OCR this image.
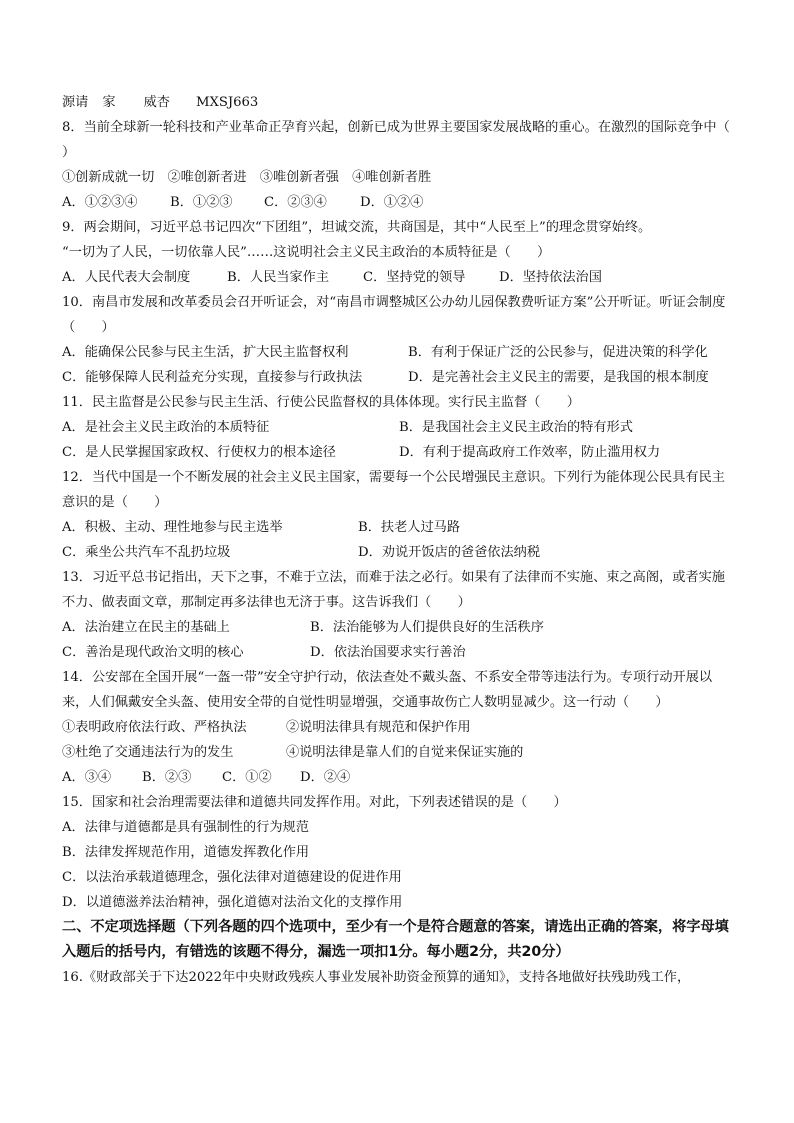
源请 家 威杏 MXSJ663
8．当前全球新一轮科技和产业革命正孕育兴起，创新已成为世界主要国家发展战略的重心。在激烈的国际竞争中（　　）
①创新成就一切　②唯创新者进　③唯创新者强　④唯创新者胜
A．①②③④	B．①②③	C．②③④	D．①②④
9．两会期间，习近平总书记四次“下团组”，坦诚交流，共商国是，其中“人民至上”的理念贯穿始终。
“一切为了人民，一切依靠人民”……这说明社会主义民主政治的本质特征是（　　）
A．人民代表大会制度	B．人民当家作主	C．坚持党的领导	D．坚持依法治国
10．南昌市发展和改革委员会召开听证会，对“南昌市调整城区公办幼儿园保教费听证方案”公开听证。听证会制度（　　）
A．能确保公民参与民主生活，扩大民主监督权利	B．有利于保证广泛的公民参与，促进决策的科学化
C．能够保障人民利益充分实现，直接参与行政执法	D．是完善社会主义民主的需要，是我国的根本制度
11．民主监督是公民参与民主生活、行使公民监督权的具体体现。实行民主监督（　　）
A．是社会主义民主政治的本质特征	B．是我国社会主义民主政治的特有形式
C．是人民掌握国家政权、行使权力的根本途径	D．有利于提高政府工作效率，防止滥用权力
12．当代中国是一个不断发展的社会主义民主国家，需要每一个公民增强民主意识。下列行为能体现公民具有民主意识的是（　　）
A．积极、主动、理性地参与民主选举	B．扶老人过马路
C．乘坐公共汽车不乱扔垃圾	D．劝说开饭店的爸爸依法纳税
13．习近平总书记指出，天下之事，不难于立法，而难于法之必行。如果有了法律而不实施、束之高阁，或者实施不力、做表面文章，那制定再多法律也无济于事。这告诉我们（　　）
A．法治建立在民主的基础上	B．法治能够为人们提供良好的生活秩序
C．善治是现代政治文明的核心	D．依法治国要求实行善治
14．公安部在全国开展“一盔一带”安全守护行动，依法查处不戴头盔、不系安全带等违法行为。专项行动开展以来，人们佩戴安全头盔、使用安全带的自觉性明显增强，交通事故伤亡人数明显减少。这一行动（　　）
①表明政府依法行政、严格执法	②说明法律具有规范和保护作用
③杜绝了交通违法行为的发生	④说明法律是靠人们的自觉来保证实施的
A．③④	B．②③	C．①②	D．②④
15．国家和社会治理需要法律和道德共同发挥作用。对此，下列表述错误的是（　　）
A．法律与道德都是具有强制性的行为规范
B．法律发挥规范作用，道德发挥教化作用
C．以法治承载道德理念，强化法律对道德建设的促进作用
D．以道德滋养法治精神，强化道德对法治文化的支撑作用
二、不定项选择题（下列各题的四个选项中，至少有一个是符合题意的答案，请选出正确的答案，将字母填入题后的括号内，有错选的该题不得分，漏选一项扣1分。每小题2分，共20分）
16.《财政部关于下达2022年中央财政残疾人事业发展补助资金预算的通知》，支持各地做好扶残助残工作，
